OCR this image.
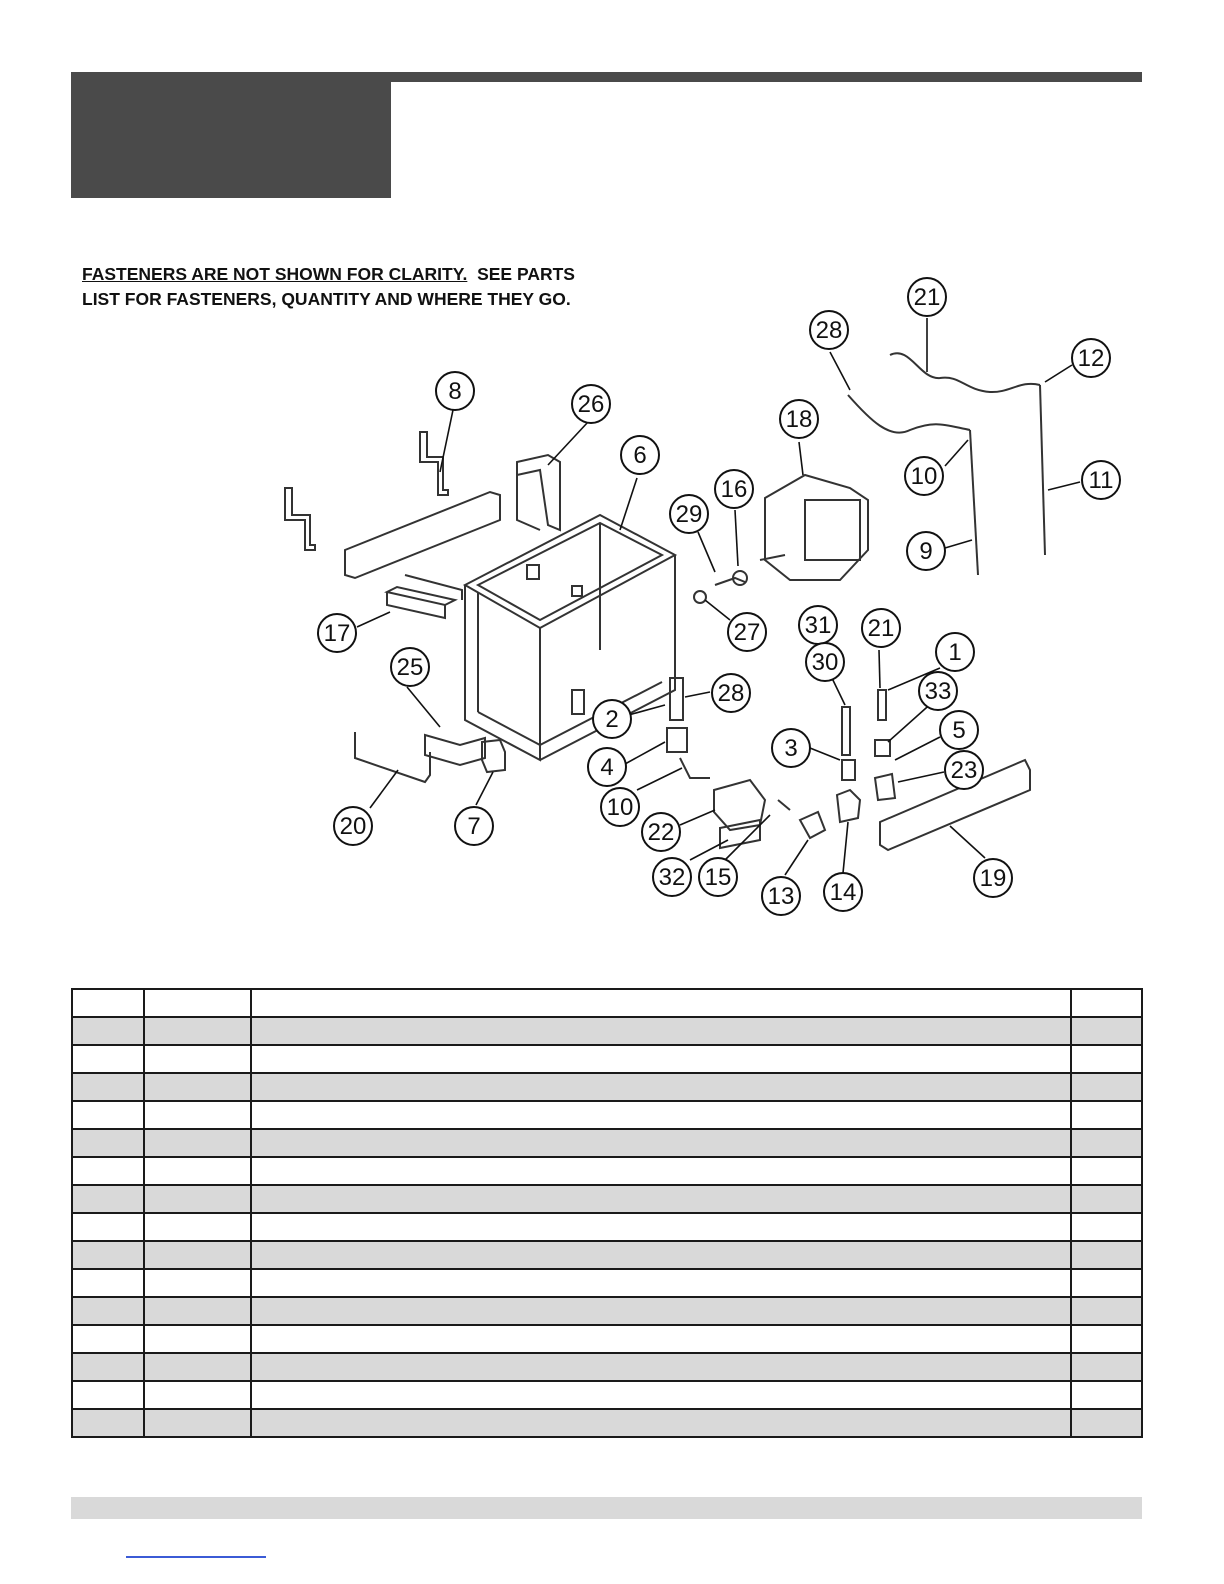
FASTENERS ARE NOT SHOWN FOR CLARITY. SEE PARTS
LIST FOR FASTENERS, QUANTITY AND WHERE THEY GO.
8	26
6
29
16
18
28
21
12
10	11
9
17	27
25
28
2
31 21
1
30
33
3
5
4	23
10
22
32 15
13 14
20	7
19
